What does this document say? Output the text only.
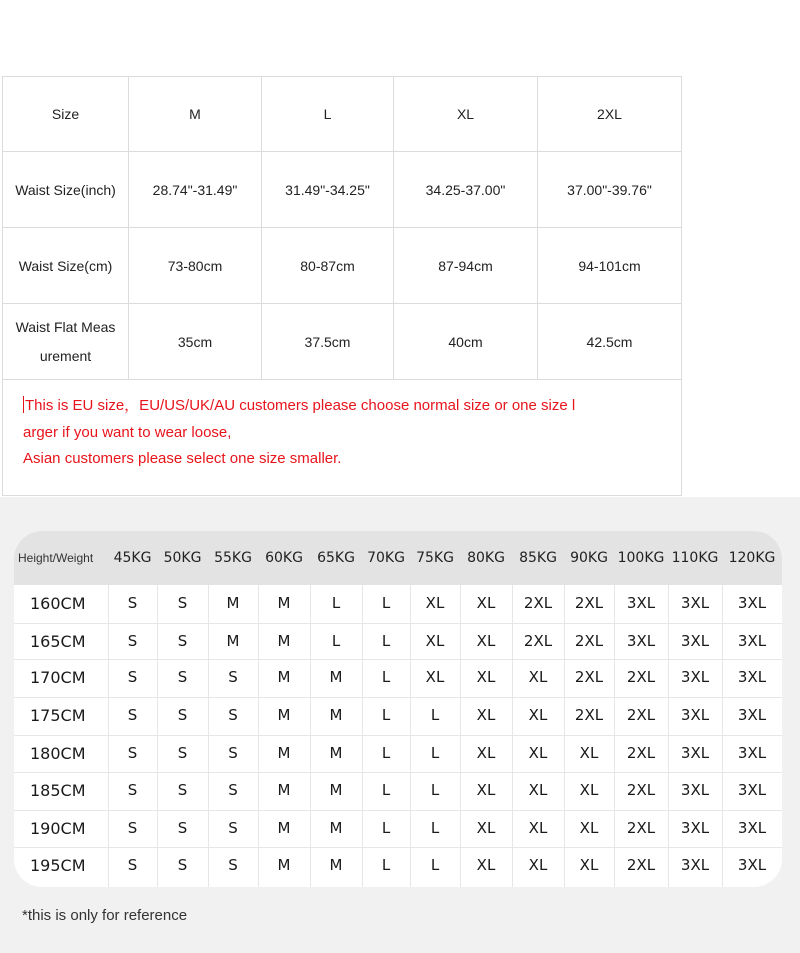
Size	M	L	XL	2XL
Waist Size(inch)	28.74"-31.49"	31.49"-34.25"	34.25-37.00"	37.00"-39.76"
Waist Size(cm)	73-80cm	80-87cm	87-94cm	94-101cm
Waist Flat Meas
urement	35cm	37.5cm	40cm	42.5cm
This is EU size，EU/US/UK/AU customers please choose normal size or one size l
arger if you want to wear loose,
Asian customers please select one size smaller.				
Height/Weight	45KG 50KG 55KG 60KG	65KG 70KG 75KG 80KG	85KG 90KG 100KG 110KG 120KG
160CM	S	S	M	M	L	L	XL	XL	2XL	2XL	3XL	3XL	3XL
165CM	S	S	M	M	L	L	XL	XL	2XL	2XL	3XL	3XL	3XL
170CM	S	S	S	M	M	L	XL	XL	XL	2XL	2XL	3XL	3XL
175CM	S	S	S	M	M	L	L	XL	XL	2XL	2XL	3XL	3XL
180CM	S	S	S	M	M	L	L	XL	XL	XL	2XL	3XL	3XL
185CM	S	S	S	M	M	L	L	XL	XL	XL	2XL	3XL	3XL
190CM	S	S	S	M	M	L	L	XL	XL	XL	2XL	3XL	3XL
195CM	S	S	S	M	M	L	L	XL	XL	XL	2XL	3XL	3XL
*this is only for reference
